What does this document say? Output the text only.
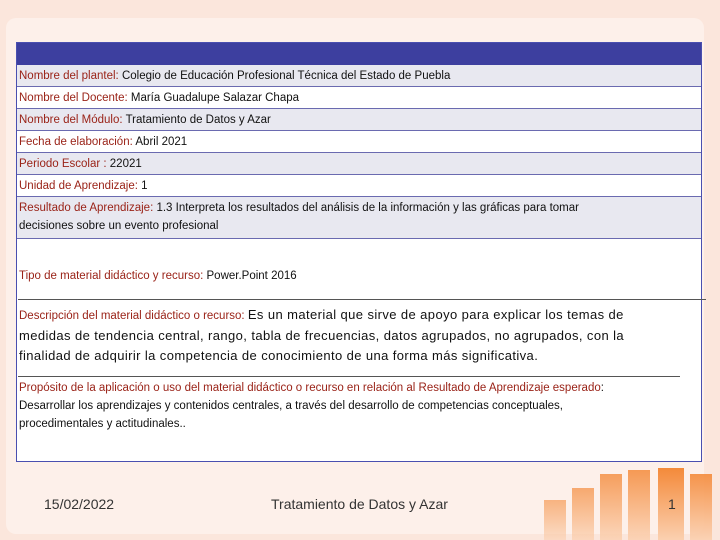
Nombre del plantel: Colegio de Educación Profesional Técnica del Estado de Puebla
Nombre del Docente: María Guadalupe Salazar Chapa
Nombre del Módulo: Tratamiento de Datos y Azar
Fecha de elaboración: Abril 2021
Periodo Escolar : 22021
Unidad de Aprendizaje: 1
Resultado de Aprendizaje: 1.3 Interpreta los resultados del análisis de la información y las gráficas para tomar
decisiones sobre un evento profesional
Tipo de material didáctico y recurso: Power.Point 2016
Descripción del material didáctico o recurso: Es un material que sirve de apoyo para explicar los temas de
medidas de tendencia central, rango, tabla de frecuencias, datos agrupados, no agrupados, con la
finalidad de adquirir la competencia de conocimiento de una forma más significativa.
Propósito de la aplicación o uso del material didáctico o recurso en relación al Resultado de Aprendizaje esperado:
Desarrollar los aprendizajes y contenidos centrales, a través del desarrollo de competencias conceptuales,
procedimentales y actitudinales..
15/02/2022	Tratamiento de Datos y Azar	1
